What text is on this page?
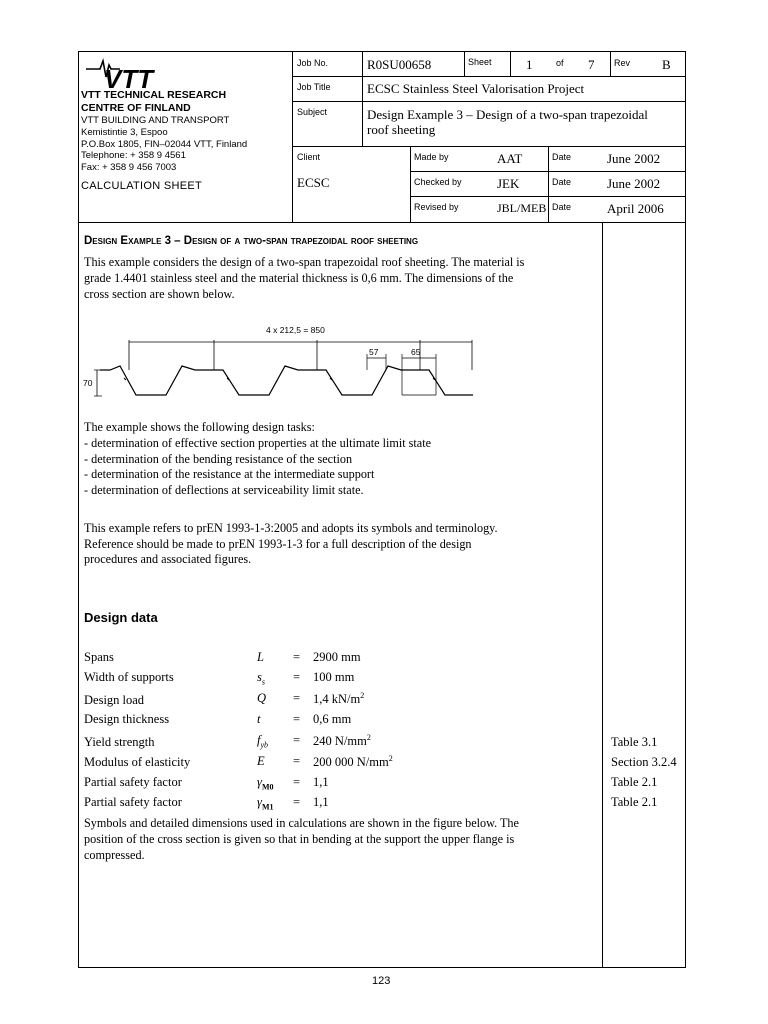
VTT
VTT TECHNICAL RESEARCH
CENTRE OF FINLAND
VTT BUILDING AND TRANSPORT
Kemistintie 3, Espoo
P.O.Box 1805, FIN–02044 VTT, Finland
Telephone: + 358 9 4561
Fax: + 358 9 456 7003
CALCULATION SHEET
Job No.	R0SU00658	Sheet	1	of 7 Rev B
Job Title	ECSC Stainless Steel Valorisation Project
Subject	Design Example 3 – Design of a two-span trapezoidal
roof sheeting
Client
ECSC
Made by	AAT	Date	June 2002
Checked by	JEK	Date	June 2002
Revised by	JBL/MEB Date	April 2006
Design Example 3 – Design of a two-span trapezoidal roof sheeting
This example considers the design of a two-span trapezoidal roof sheeting. The material is
grade 1.4401 stainless steel and the material thickness is 0,6 mm. The dimensions of the
cross section are shown below.
4 x 212,5 = 850
57	65
70
The example shows the following design tasks:
- determination of effective section properties at the ultimate limit state
- determination of the bending resistance of the section
- determination of the resistance at the intermediate support
- determination of deflections at serviceability limit state.
This example refers to prEN 1993-1-3:2005 and adopts its symbols and terminology.
Reference should be made to prEN 1993-1-3 for a full description of the design
procedures and associated figures.
Design data
Spans	L = 2900 mm
Width of supports	$s_s = 100$ mm
Design load	Q = 1,4 $kN/m^2$
Design thickness	t	= 0,6 mm
Yield strength	$f_{yb} = 240$ $N/mm^2$	Table 3.1
Modulus of elasticity	E = 200 000 $N/mm^2$	Section 3.2.4
Partial safety factor	$\gamma_{M0} = 1,1$	Table 2.1
Partial safety factor	$\gamma_{M1} = 1,1$	Table 2.1
Symbols and detailed dimensions used in calculations are shown in the figure below. The
position of the cross section is given so that in bending at the support the upper flange is
compressed.
123
